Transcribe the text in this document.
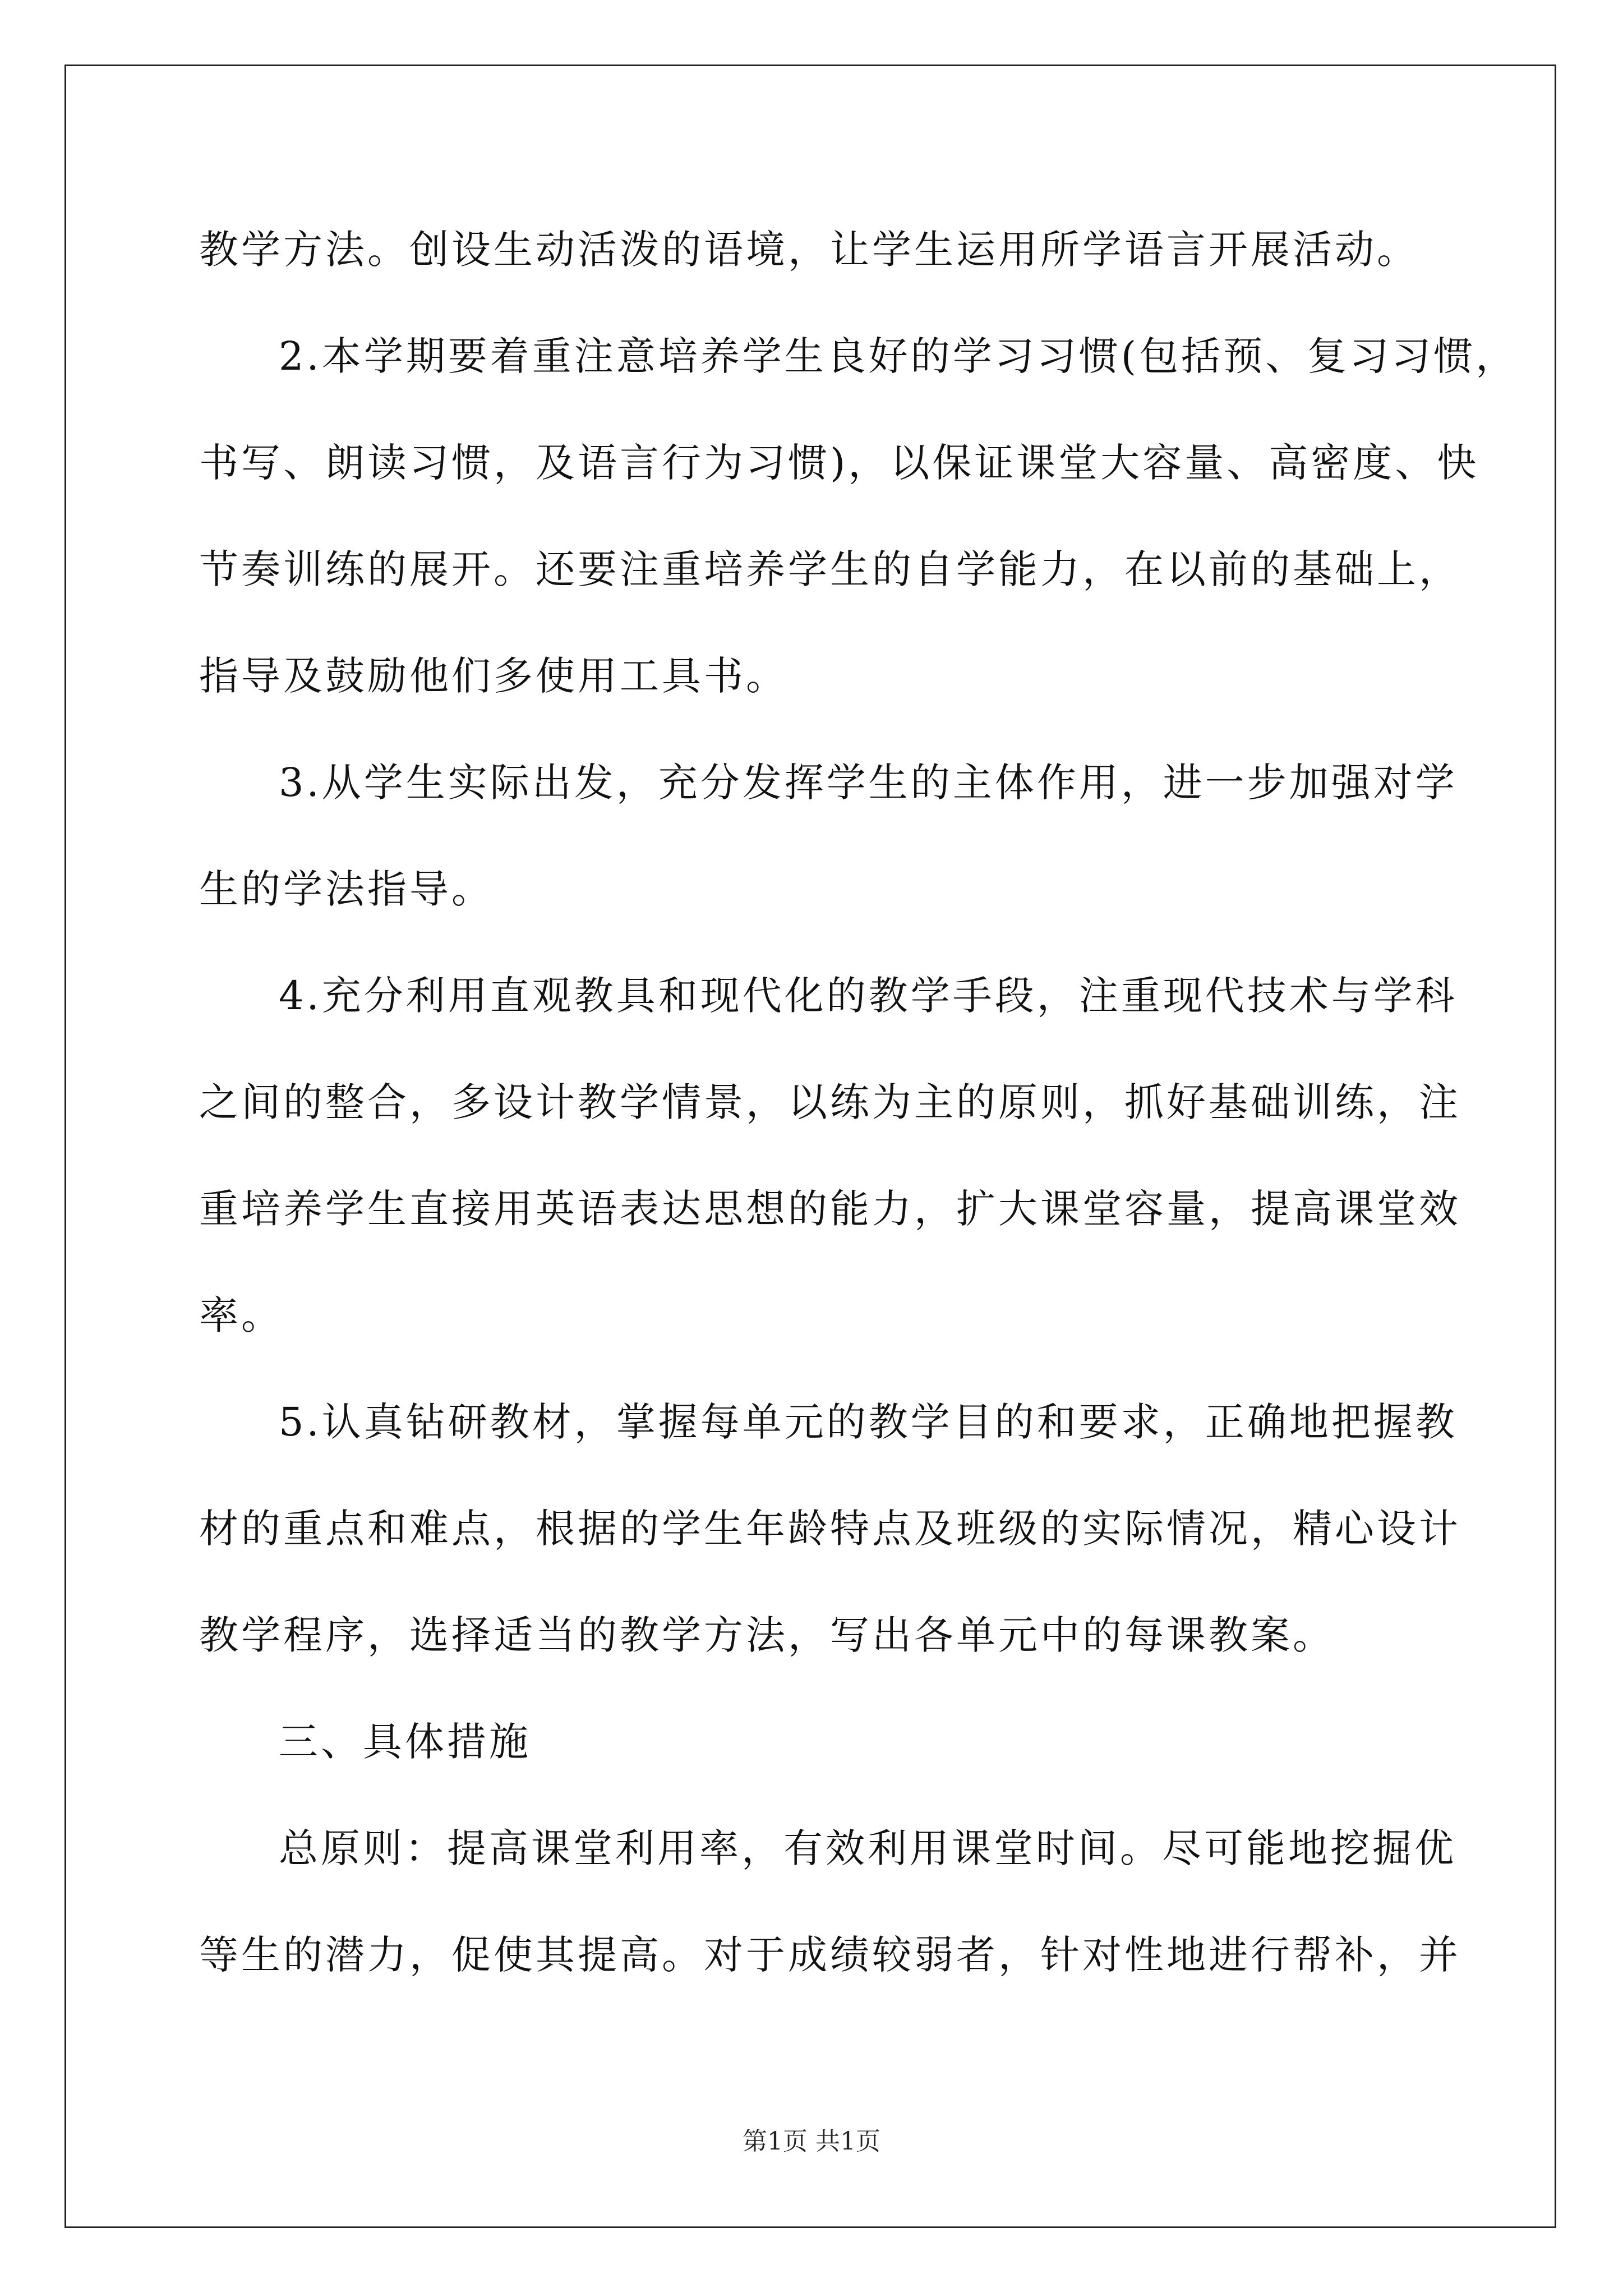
教学方法。创设生动活泼的语境，让学生运用所学语言开展活动。
2.本学期要着重注意培养学生良好的学习习惯(包括预、复习习惯，
书写、朗读习惯，及语言行为习惯)，以保证课堂大容量、高密度、快
节奏训练的展开。还要注重培养学生的自学能力，在以前的基础上，
指导及鼓励他们多使用工具书。
3.从学生实际出发，充分发挥学生的主体作用，进一步加强对学
生的学法指导。
4.充分利用直观教具和现代化的教学手段，注重现代技术与学科
之间的整合，多设计教学情景，以练为主的原则，抓好基础训练，注
重培养学生直接用英语表达思想的能力，扩大课堂容量，提高课堂效
率。
5.认真钻研教材，掌握每单元的教学目的和要求，正确地把握教
材的重点和难点，根据的学生年龄特点及班级的实际情况，精心设计
教学程序，选择适当的教学方法，写出各单元中的每课教案。
三、具体措施
总原则：提高课堂利用率，有效利用课堂时间。尽可能地挖掘优
等生的潜力，促使其提高。对于成绩较弱者，针对性地进行帮补，并
第1页 共1页
